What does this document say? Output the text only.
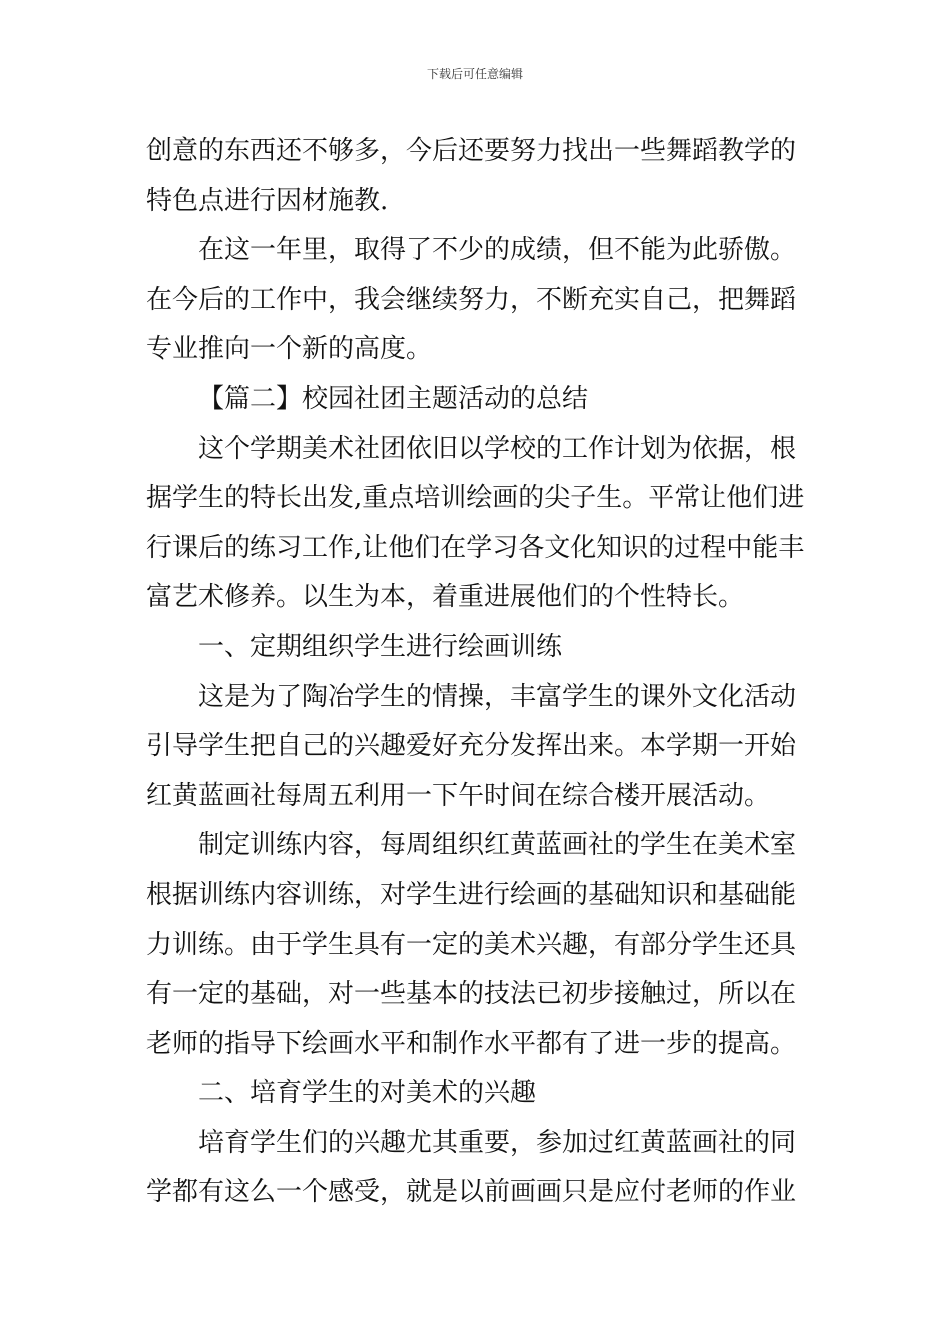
下载后可任意编辑
创意的东西还不够多，今后还要努力找出一些舞蹈教学的
特色点进行因材施教.
在这一年里，取得了不少的成绩，但不能为此骄傲。
在今后的工作中，我会继续努力，不断充实自己，把舞蹈
专业推向一个新的高度。
【篇二】校园社团主题活动的总结
这个学期美术社团依旧以学校的工作计划为依据，根
据学生的特长出发,重点培训绘画的尖子生。平常让他们进
行课后的练习工作,让他们在学习各文化知识的过程中能丰
富艺术修养。以生为本，着重进展他们的个性特长。
一、定期组织学生进行绘画训练
这是为了陶冶学生的情操，丰富学生的课外文化活动
引导学生把自己的兴趣爱好充分发挥出来。本学期一开始
红黄蓝画社每周五利用一下午时间在综合楼开展活动。
制定训练内容，每周组织红黄蓝画社的学生在美术室
根据训练内容训练，对学生进行绘画的基础知识和基础能
力训练。由于学生具有一定的美术兴趣，有部分学生还具
有一定的基础，对一些基本的技法已初步接触过，所以在
老师的指导下绘画水平和制作水平都有了进一步的提高。
二、培育学生的对美术的兴趣
培育学生们的兴趣尤其重要，参加过红黄蓝画社的同
学都有这么一个感受，就是以前画画只是应付老师的作业
